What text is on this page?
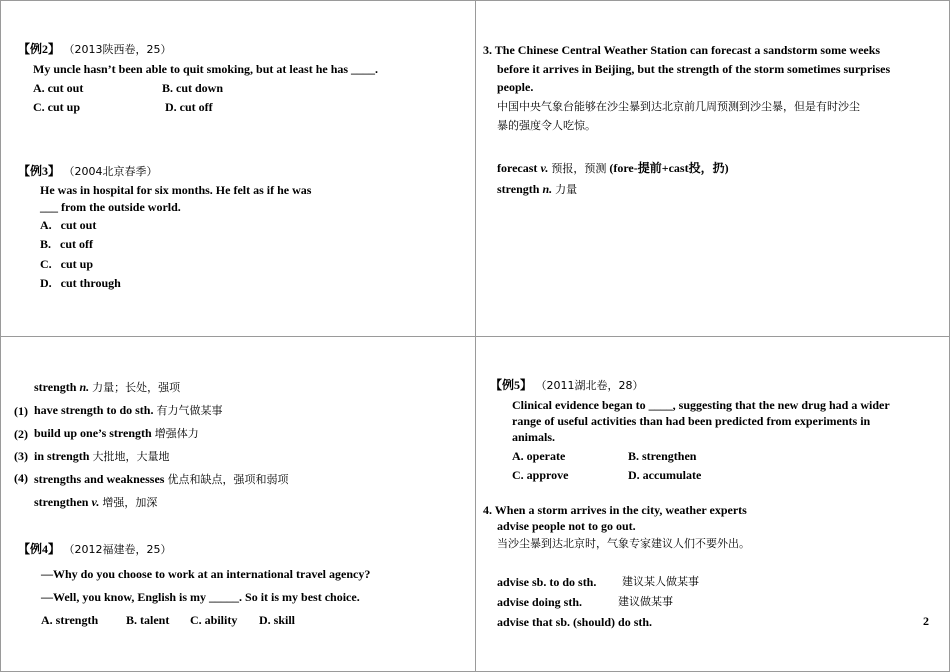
【例2】 （2013陕西卷，25）
My uncle hasn’t been able to quit smoking, but at least he has ____.
A. cut out	B. cut down
C. cut up	D. cut off
【例3】 （2004北京春季）
He was in hospital for six months. He felt as if he was
___ from the outside world.
A.   cut out
B.   cut off
C.   cut up
D.   cut through
3. The Chinese Central Weather Station can forecast a sandstorm some weeks
before it arrives in Beijing, but the strength of the storm sometimes surprises
people.
中国中央气象台能够在沙尘暴到达北京前几周预测到沙尘暴，但是有时沙尘
暴的强度令人吃惊。
forecast v. 预报，预测 (fore-提前+cast投，扔)
strength n. 力量
strength n. 力量；长处，强项
(1) have strength to do sth. 有力气做某事
(2) build up one’s strength 增强体力
(3) in strength 大批地，大量地
(4) strengths and weaknesses 优点和缺点，强项和弱项
strengthen v. 增强，加深
【例4】 （2012福建卷，25）
—Why do you choose to work at an international travel agency?
—Well, you know, English is my _____. So it is my best choice.
A. strength B. talent C. ability D. skill
【例5】 （2011湖北卷，28）
Clinical evidence began to ____, suggesting that the new drug had a wider
range of useful activities than had been predicted from experiments in
animals.
A. operate	B. strengthen
C. approve	D. accumulate
4. When a storm arrives in the city, weather experts
advise people not to go out.
当沙尘暴到达北京时，气象专家建议人们不要外出。
advise sb. to do sth. 建议某人做某事
advise doing sth.	建议做某事
advise that sb. (should) do sth.	2
